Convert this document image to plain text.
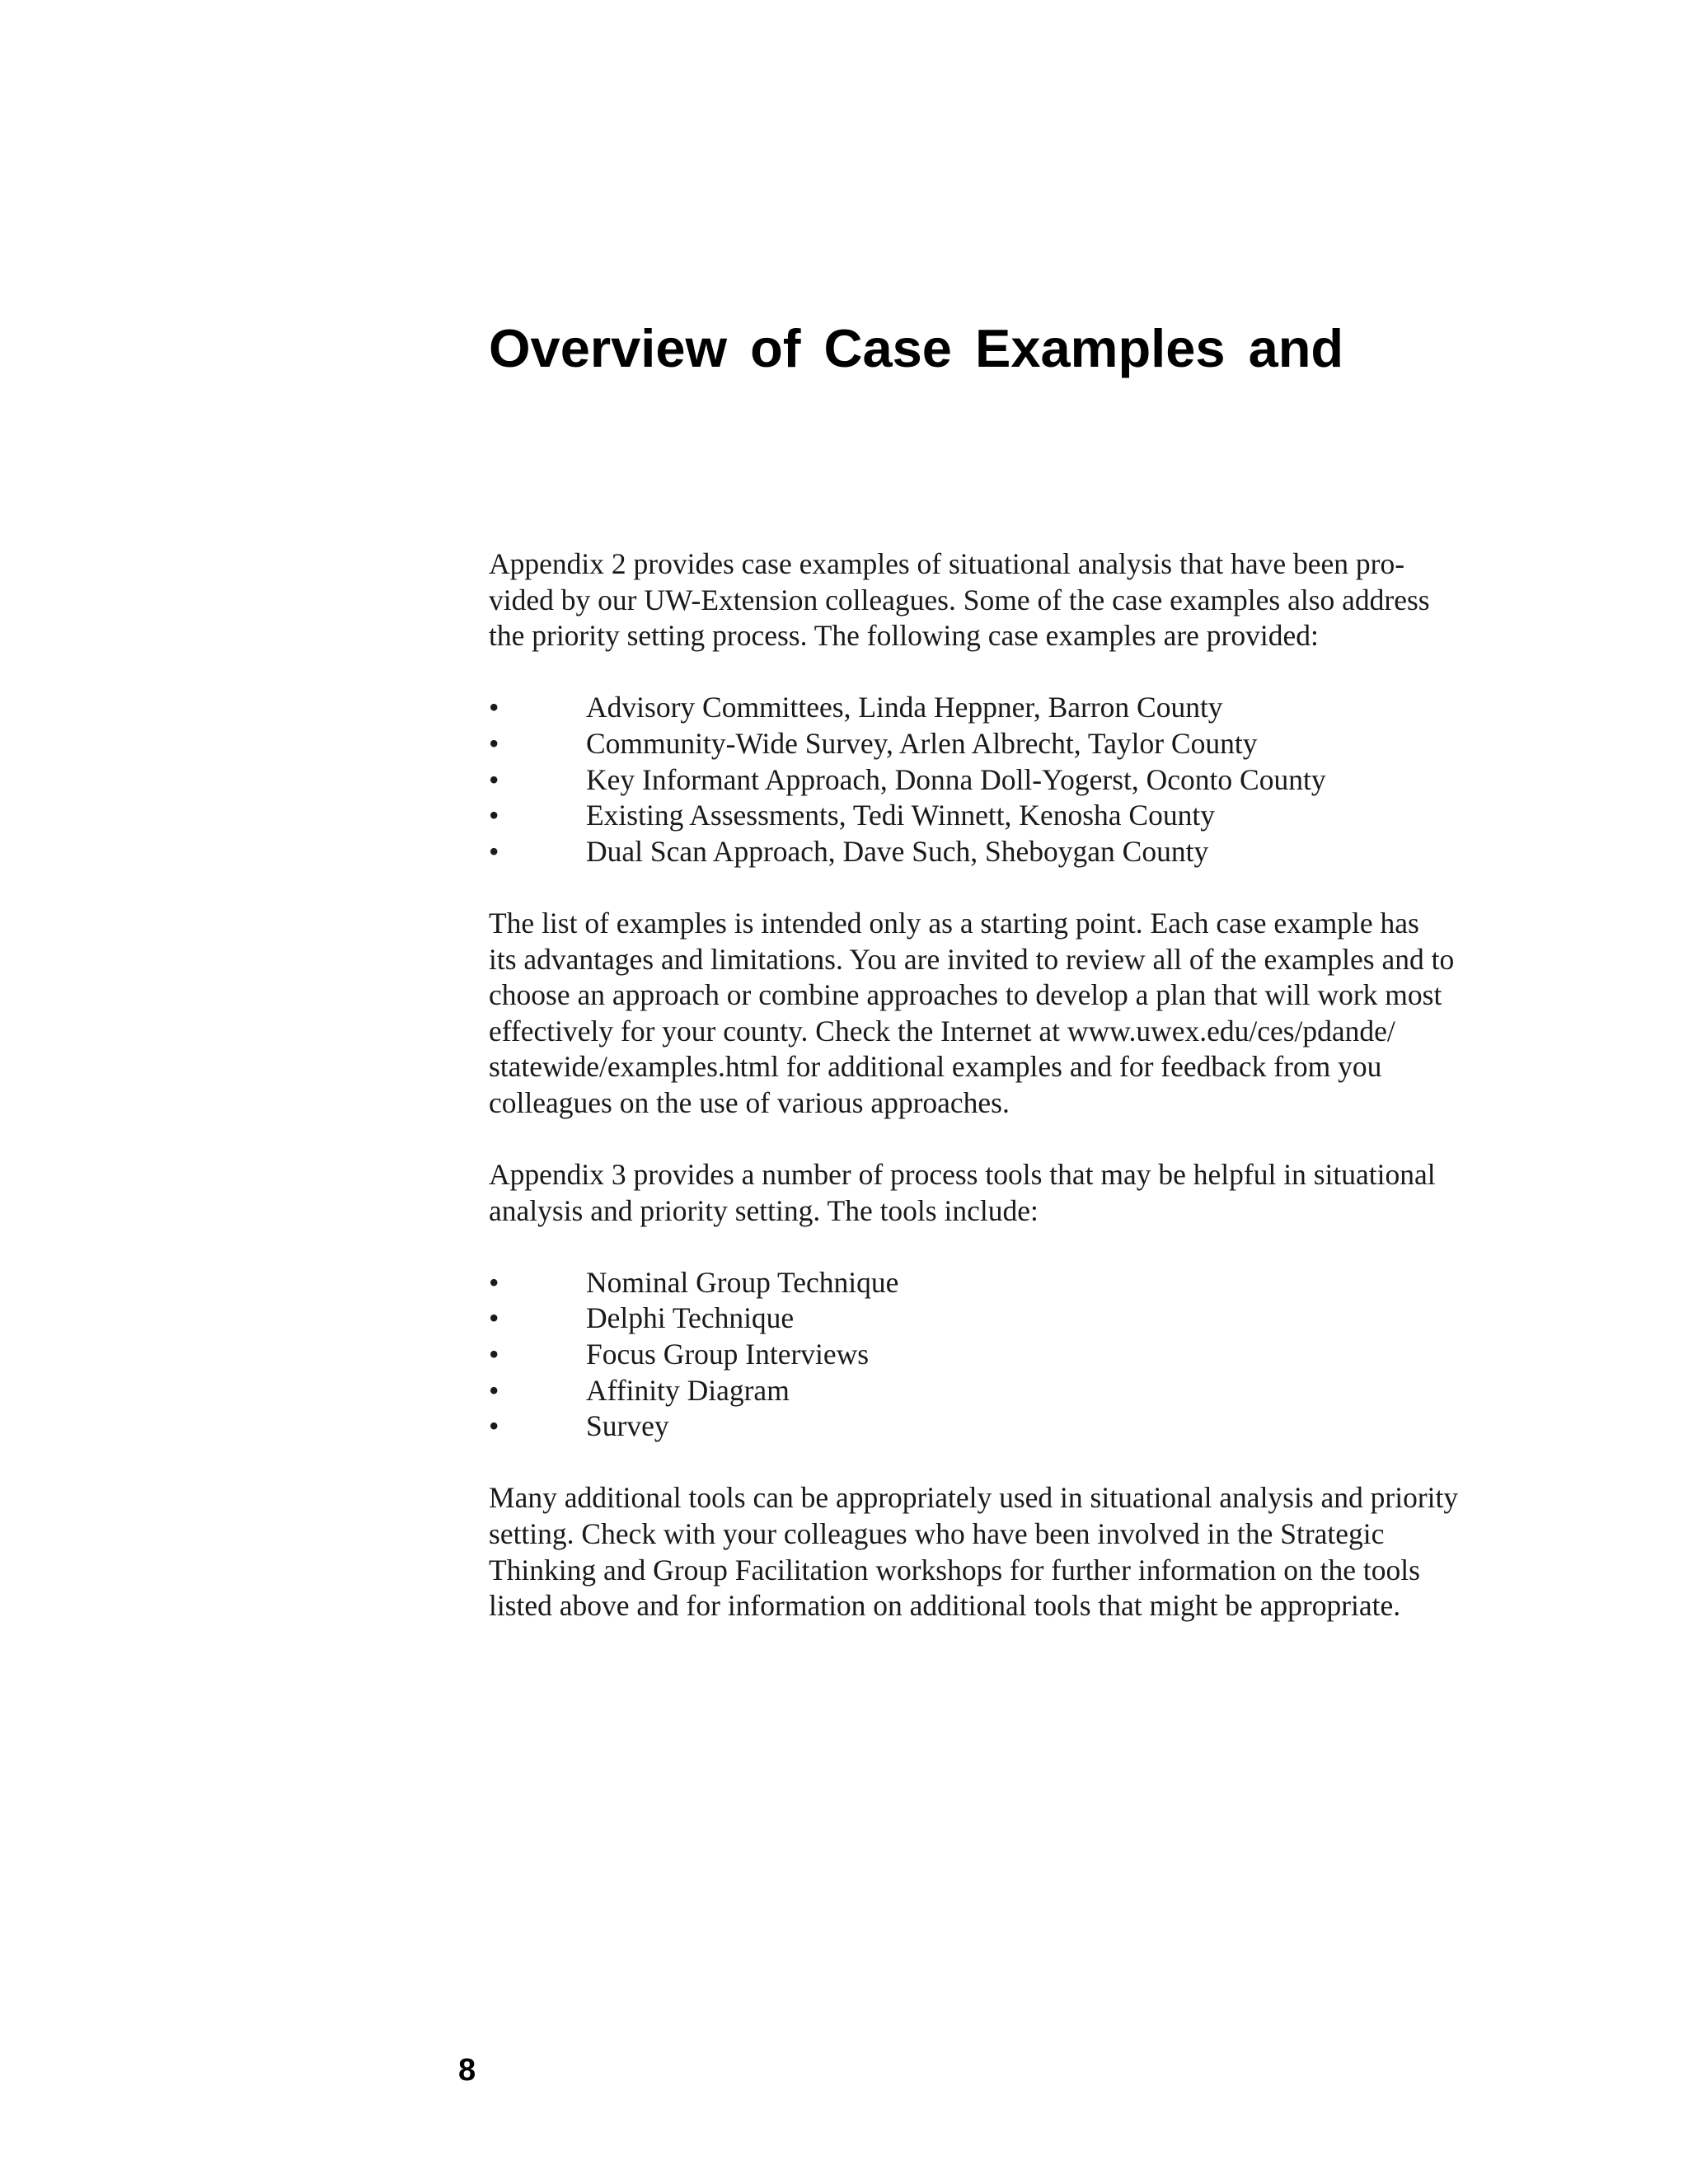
Overview of Case Examples and

Appendix 2 provides case examples of situational analysis that have been pro-
vided by our UW-Extension colleagues. Some of the case examples also address
the priority setting process. The following case examples are provided:

•	Advisory Committees, Linda Heppner, Barron County
•	Community-Wide Survey, Arlen Albrecht, Taylor County
•	Key Informant Approach, Donna Doll-Yogerst, Oconto County
•	Existing Assessments, Tedi Winnett, Kenosha County
•	Dual Scan Approach, Dave Such, Sheboygan County

The list of examples is intended only as a starting point. Each case example has
its advantages and limitations. You are invited to review all of the examples and to
choose an approach or combine approaches to develop a plan that will work most
effectively for your county. Check the Internet at www.uwex.edu/ces/pdande/
statewide/examples.html for additional examples and for feedback from you
colleagues on the use of various approaches.

Appendix 3 provides a number of process tools that may be helpful in situational
analysis and priority setting. The tools include:

•	Nominal Group Technique
•	Delphi Technique
•	Focus Group Interviews
•	Affinity Diagram
•	Survey

Many additional tools can be appropriately used in situational analysis and priority
setting. Check with your colleagues who have been involved in the Strategic
Thinking and Group Facilitation workshops for further information on the tools
listed above and for information on additional tools that might be appropriate.

8
